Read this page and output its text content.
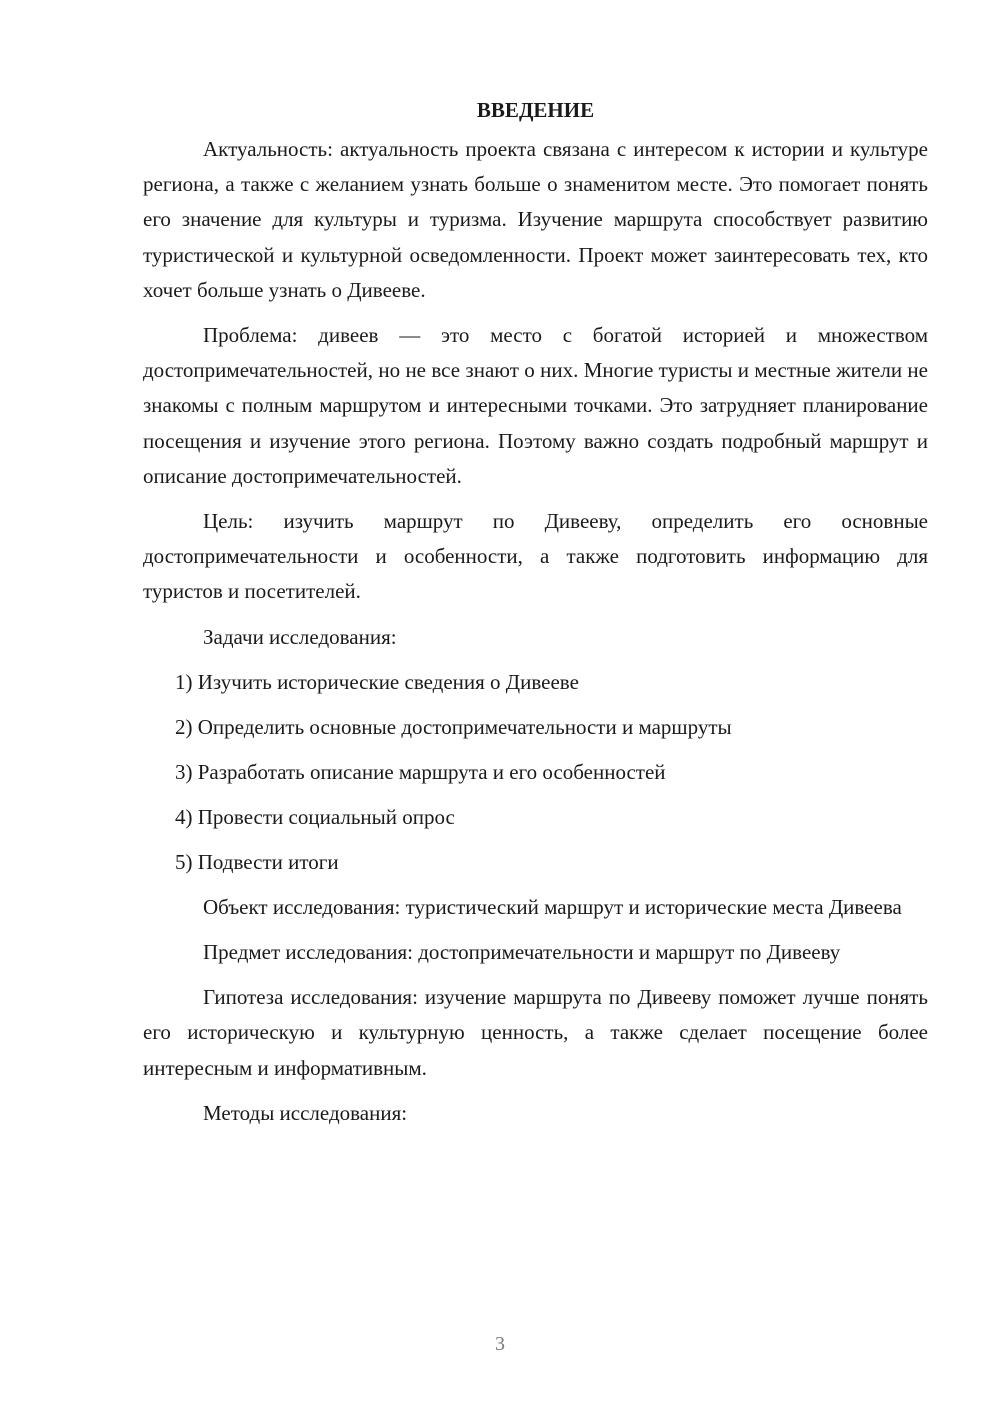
ВВЕДЕНИЕ

Актуальность: актуальность проекта связана с интересом к истории и культуре региона, а также с желанием узнать больше о знаменитом месте. Это помогает понять его значение для культуры и туризма. Изучение маршрута способствует развитию туристической и культурной осведомленности. Проект может заинтересовать тех, кто хочет больше узнать о Дивееве.

Проблема: дивеев — это место с богатой историей и множеством достопримечательностей, но не все знают о них. Многие туристы и местные жители не знакомы с полным маршрутом и интересными точками. Это затрудняет планирование посещения и изучение этого региона. Поэтому важно создать подробный маршрут и описание достопримечательностей.

Цель: изучить маршрут по Дивееву, определить его основные достопримечательности и особенности, а также подготовить информацию для туристов и посетителей.

Задачи исследования:

1) Изучить исторические сведения о Дивееве

2) Определить основные достопримечательности и маршруты

3) Разработать описание маршрута и его особенностей

4) Провести социальный опрос

5) Подвести итоги

Объект исследования: туристический маршрут и исторические места Дивеева

Предмет исследования: достопримечательности и маршрут по Дивееву

Гипотеза исследования: изучение маршрута по Дивееву поможет лучше понять его историческую и культурную ценность, а также сделает посещение более интересным и информативным.

Методы исследования:

3
